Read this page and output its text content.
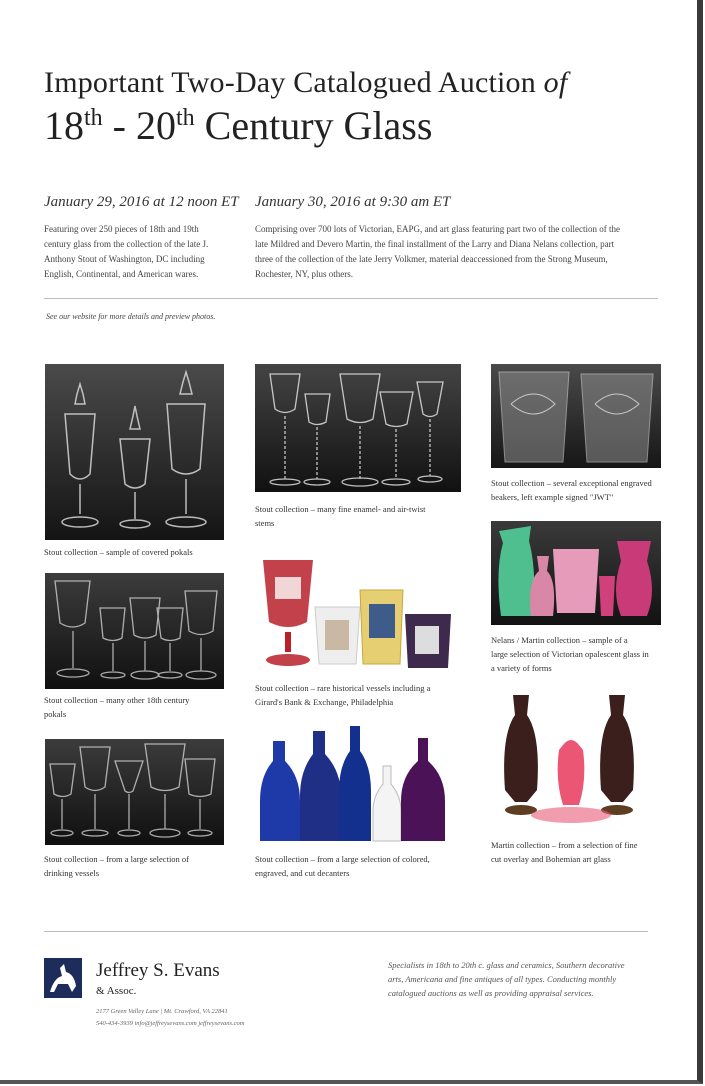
Important Two-Day Catalogued Auction of
18th - 20th Century Glass
January 29, 2016 at 12 noon ET
Featuring over 250 pieces of 18th and 19th
century glass from the collection of the late J.
Anthony Stout of Washington, DC including
English, Continental, and American wares.
January 30, 2016 at 9:30 am ET
Comprising over 700 lots of Victorian, EAPG, and art glass featuring part two of the collection of the
late Mildred and Devero Martin, the final installment of the Larry and Diana Nelans collection, part
three of the collection of the late Jerry Volkmer, material deaccessioned from the Strong Museum,
Rochester, NY, plus others.
See our website for more details and preview photos.
Stout collection – sample of covered pokals
Stout collection – many other 18th century
pokals
Stout collection – from a large selection of
drinking vessels
Stout collection – many fine enamel- and air-twist
stems
Stout collection – rare historical vessels including a
Girard's Bank & Exchange, Philadelphia
Stout collection – from a large selection of colored,
engraved, and cut decanters
Stout collection – several exceptional engraved
beakers, left example signed "JWT"
Nelans / Martin collection – sample of a
large selection of Victorian opalescent glass in
a variety of forms
Martin collection – from a selection of fine
cut overlay and Bohemian art glass
Jeffrey S. Evans
& Assoc.
2177 Green Valley Lane | Mt. Crawford, VA 22841
540-434-3939 info@jeffreysevans.com jeffreysevans.com
Specialists in 18th to 20th c. glass and ceramics, Southern decorative
arts, Americana and fine antiques of all types. Conducting monthly
catalogued auctions as well as providing appraisal services.
